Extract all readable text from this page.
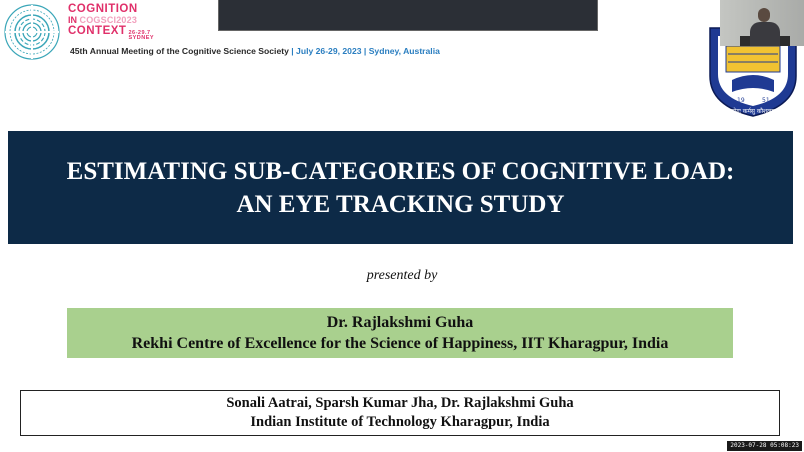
COGNITION
IN COGSCI2023
CONTEXT 26-29.7
SYDNEY
45th Annual Meeting of the Cognitive Science Society | July 26-29, 2023 | Sydney, Australia
19	51
योगः कर्मसु कौशलम्
ESTIMATING SUB-CATEGORIES OF COGNITIVE LOAD:
AN EYE TRACKING STUDY
presented by
Dr. Rajlakshmi Guha
Rekhi Centre of Excellence for the Science of Happiness, IIT Kharagpur, India
Sonali Aatrai, Sparsh Kumar Jha, Dr. Rajlakshmi Guha
Indian Institute of Technology Kharagpur, India
2023-07-28 05:08:23
